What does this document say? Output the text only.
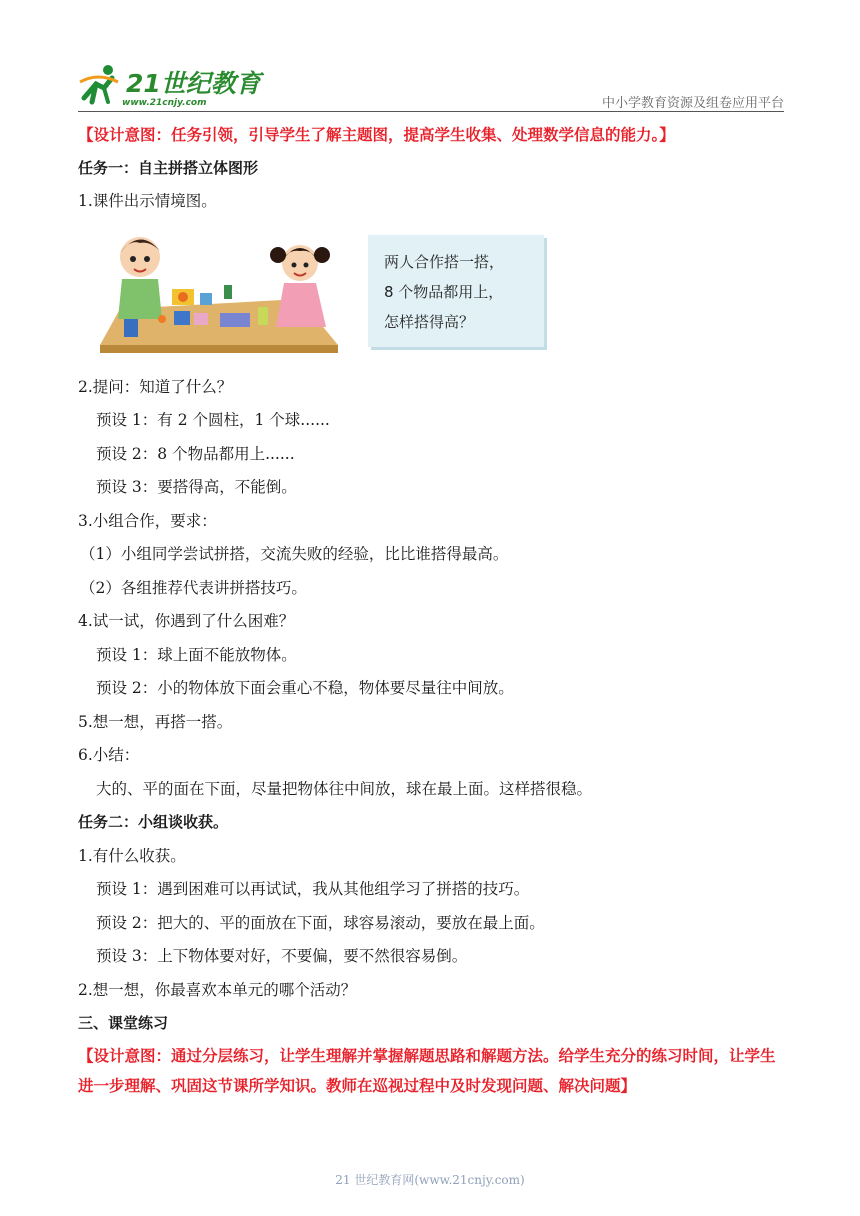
21世纪教育
www.21cnjy.com	中小学教育资源及组卷应用平台
【设计意图：任务引领，引导学生了解主题图，提高学生收集、处理数学信息的能力。】
任务一：自主拼搭立体图形
1.课件出示情境图。
两人合作搭一搭，
8 个物品都用上，
怎样搭得高？
2.提问：知道了什么？
预设 1：有 2 个圆柱，1 个球......
预设 2：8 个物品都用上......
预设 3：要搭得高，不能倒。
3.小组合作，要求：
（1）小组同学尝试拼搭，交流失败的经验，比比谁搭得最高。
（2）各组推荐代表讲拼搭技巧。
4.试一试，你遇到了什么困难？
预设 1：球上面不能放物体。
预设 2：小的物体放下面会重心不稳，物体要尽量往中间放。
5.想一想，再搭一搭。
6.小结：
大的、平的面在下面，尽量把物体往中间放，球在最上面。这样搭很稳。
任务二：小组谈收获。
1.有什么收获。
预设 1：遇到困难可以再试试，我从其他组学习了拼搭的技巧。
预设 2：把大的、平的面放在下面，球容易滚动，要放在最上面。
预设 3：上下物体要对好，不要偏，要不然很容易倒。
2.想一想，你最喜欢本单元的哪个活动？
三、课堂练习
【设计意图：通过分层练习，让学生理解并掌握解题思路和解题方法。给学生充分的练习时间，让学生进一步理解、巩固这节课所学知识。教师在巡视过程中及时发现问题、解决问题】
21 世纪教育网(www.21cnjy.com)
